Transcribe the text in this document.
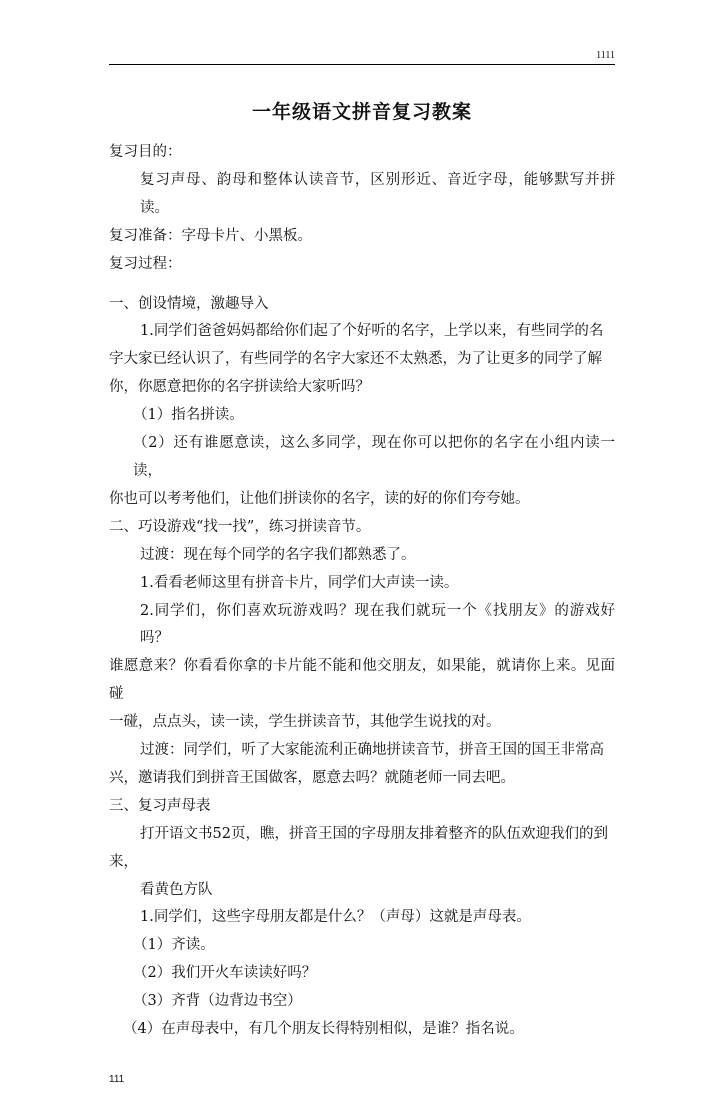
1111
一年级语文拼音复习教案
复习目的：
复习声母、韵母和整体认读音节，区别形近、音近字母，能够默写并拼读。
复习准备：字母卡片、小黑板。
复习过程：
一、创设情境，激趣导入
1.同学们爸爸妈妈都给你们起了个好听的名字，上学以来，有些同学的名
字大家已经认识了，有些同学的名字大家还不太熟悉，为了让更多的同学了解
你，你愿意把你的名字拼读给大家听吗？
（1）指名拼读。
（2）还有谁愿意读，这么多同学，现在你可以把你的名字在小组内读一读，
你也可以考考他们，让他们拼读你的名字，读的好的你们夸夸她。
二、巧设游戏“找一找”，练习拼读音节。
过渡：现在每个同学的名字我们都熟悉了。
1.看看老师这里有拼音卡片，同学们大声读一读。
2.同学们，你们喜欢玩游戏吗？现在我们就玩一个《找朋友》的游戏好吗？
谁愿意来？你看看你拿的卡片能不能和他交朋友，如果能，就请你上来。见面碰
一碰，点点头，读一读，学生拼读音节，其他学生说找的对。
过渡：同学们，听了大家能流利正确地拼读音节，拼音王国的国王非常高
兴，邀请我们到拼音王国做客，愿意去吗？就随老师一同去吧。
三、复习声母表
打开语文书52页，瞧，拼音王国的字母朋友排着整齐的队伍欢迎我们的到
来，
看黄色方队
1.同学们，这些字母朋友都是什么？（声母）这就是声母表。
（1）齐读。
（2）我们开火车读读好吗？
（3）齐背（边背边书空）
（4）在声母表中，有几个朋友长得特别相似，是谁？指名说。
111
